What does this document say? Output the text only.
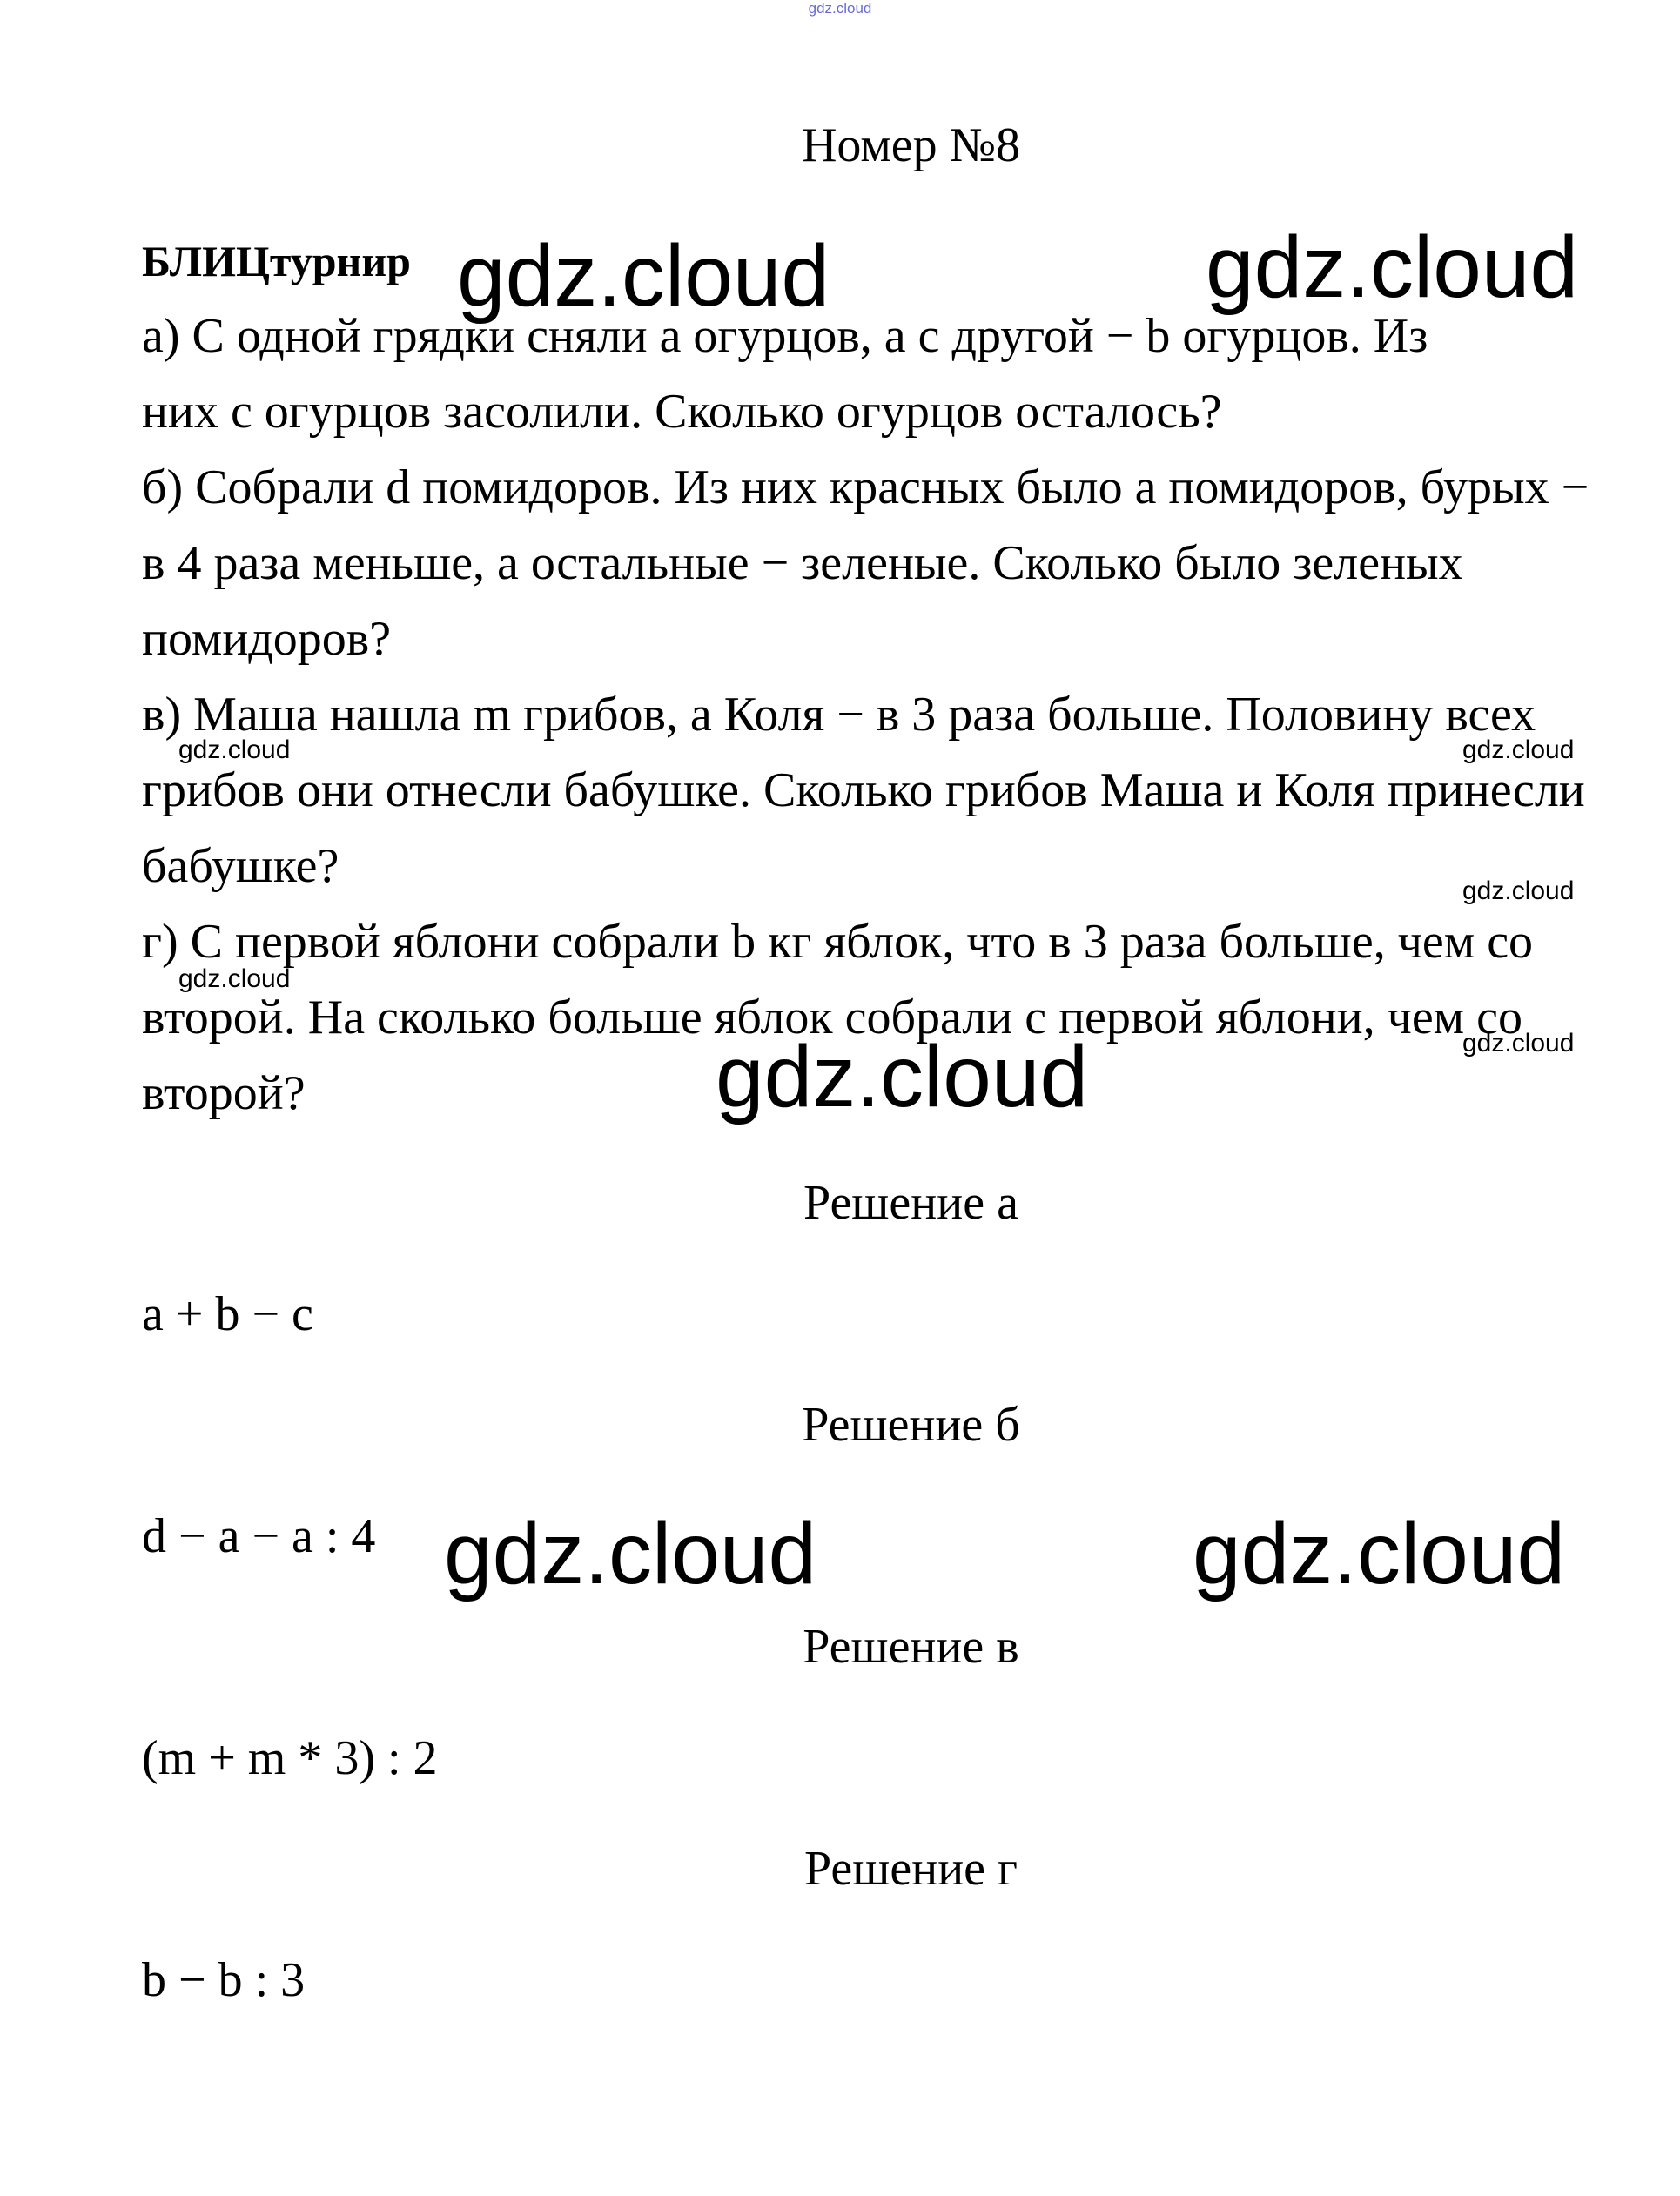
gdz.cloud
Номер №8
БЛИЦтурнир
а) С одной грядки сняли а огурцов, а с другой − b огурцов. Из
них с огурцов засолили. Сколько огурцов осталось?
б) Собрали d помидоров. Из них красных было а помидоров, бурых −
в 4 раза меньше, а остальные − зеленые. Сколько было зеленых
помидоров?
в) Маша нашла m грибов, а Коля − в 3 раза больше. Половину всех
грибов они отнесли бабушке. Сколько грибов Маша и Коля принесли
бабушке?
г) С первой яблони собрали b кг яблок, что в 3 раза больше, чем со
второй. На сколько больше яблок собрали с первой яблони, чем со
второй?
Решение а
a + b − c
Решение б
d − a − a : 4
Решение в
(m + m * 3) : 2
Решение г
b − b : 3
gdz.cloud	gdz.cloud
gdz.cloud
gdz.cloud	gdz.cloud
gdz.cloud	gdz.cloud
gdz.cloud
gdz.cloud
gdz.cloud
